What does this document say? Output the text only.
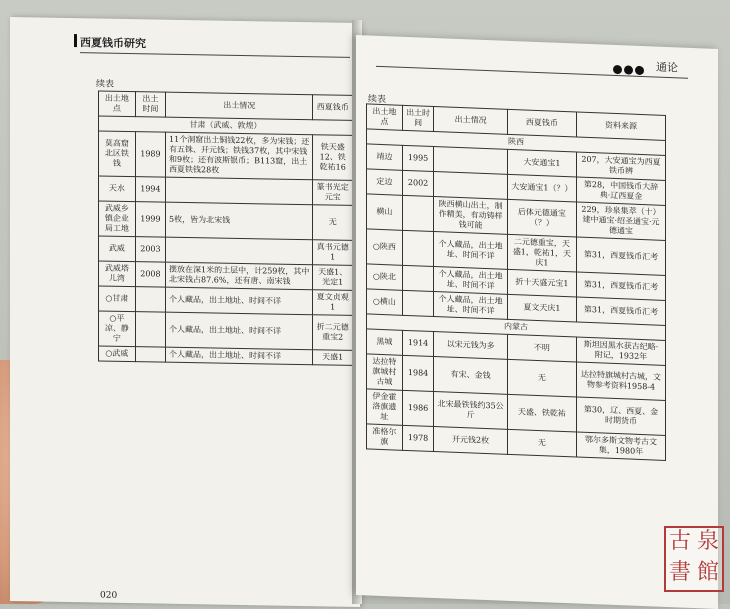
西夏钱币研究
续表
出土地点	出土时间	出土情况	西夏钱币
甘肃（武威、敦煌）			
莫高窟北区铁钱	1989	11个洞窟出土铜钱22枚，多为宋钱；还有五铢、开元钱；铁钱37枚，其中宋钱和9枚；还有波斯银币；B113窟，出土西夏铁钱28枚	铁天盛12、铁乾祐16
天水	1994		篆书光定元宝
武威乡镇企业局工地	1999	5枚，皆为北宋钱	无
武威	2003		真书元德1
武威塔儿湾	2008	摆放在深1米的土层中，计259枚，其中北宋钱占87.6%，还有唐、南宋钱	天盛1、光定1
○甘肃		个人藏品，出土地址、时间不详	夏文贞观1
○平凉、静宁		个人藏品，出土地址、时间不详	折二元德重宝2
○武威		个人藏品，出土地址、时间不详	天盛1
020
通论
续表
出土地点	出土时间	出土情况	西夏钱币	资料来源
陕西				
靖边	1995		大安通宝1	207，大安通宝为西夏铁币辨
定边	2002		大安通宝1（？）	第28，中国钱币大辞典·辽西夏金
横山		陕西横山出土，制作精美，有动铸样钱可能	后体元德通宝（？）	229，珍泉集萃（十）建中通宝·绍圣通宝·元德通宝
○陕西		个人藏品，出土地址、时间不详	二元德重宝，天盛1，乾祐1，天庆1	第31，西夏钱币汇考
○陕北		个人藏品，出土地址、时间不详	折十天盛元宝1	第31，西夏钱币汇考
○横山		个人藏品，出土地址、时间不详	夏文天庆1	第31，西夏钱币汇考
内蒙古				
黑城	1914	以宋元钱为多	不明	斯坦因黑水获古纪略·附记，1932年
达拉特旗城村古城	1984	有宋、金钱	无	达拉特旗城村古城，文物参考资料1958-4
伊金霍洛旗遗址	1986	北宋最铁钱约35公斤	天盛、铁乾祐	第30，辽、西夏、金时期货币
准格尔旗	1978	开元钱2枚	无	鄂尔多斯文物考古文集，1980年
古 泉
書 館
